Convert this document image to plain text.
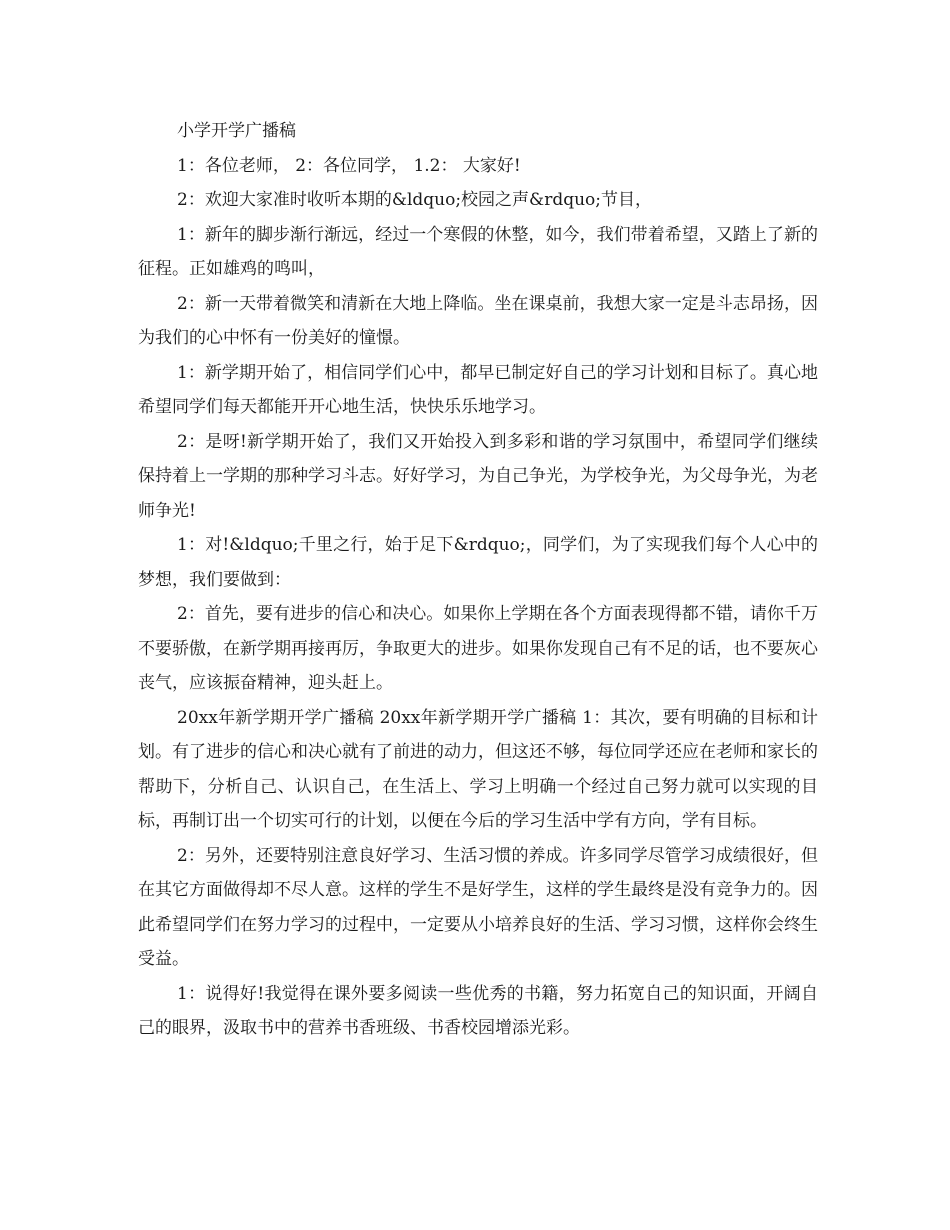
小学开学广播稿

1：各位老师， 2：各位同学， 1.2： 大家好!

2：欢迎大家准时收听本期的&ldquo;校园之声&rdquo;节目，

1：新年的脚步渐行渐远，经过一个寒假的休整，如今，我们带着希望，又踏上了新的征程。正如雄鸡的鸣叫，

2：新一天带着微笑和清新在大地上降临。坐在课桌前，我想大家一定是斗志昂扬，因为我们的心中怀有一份美好的憧憬。

1：新学期开始了，相信同学们心中，都早已制定好自己的学习计划和目标了。真心地希望同学们每天都能开开心地生活，快快乐乐地学习。

2：是呀!新学期开始了，我们又开始投入到多彩和谐的学习氛围中，希望同学们继续保持着上一学期的那种学习斗志。好好学习，为自己争光，为学校争光，为父母争光，为老师争光!

1：对!&ldquo;千里之行，始于足下&rdquo;，同学们，为了实现我们每个人心中的梦想，我们要做到：

2：首先，要有进步的信心和决心。如果你上学期在各个方面表现得都不错，请你千万不要骄傲，在新学期再接再厉，争取更大的进步。如果你发现自己有不足的话，也不要灰心丧气，应该振奋精神，迎头赶上。

20xx年新学期开学广播稿 20xx年新学期开学广播稿 1：其次，要有明确的目标和计划。有了进步的信心和决心就有了前进的动力，但这还不够，每位同学还应在老师和家长的帮助下，分析自己、认识自己，在生活上、学习上明确一个经过自己努力就可以实现的目标，再制订出一个切实可行的计划，以便在今后的学习生活中学有方向，学有目标。

2：另外，还要特别注意良好学习、生活习惯的养成。许多同学尽管学习成绩很好，但在其它方面做得却不尽人意。这样的学生不是好学生，这样的学生最终是没有竞争力的。因此希望同学们在努力学习的过程中，一定要从小培养良好的生活、学习习惯，这样你会终生受益。

1：说得好!我觉得在课外要多阅读一些优秀的书籍，努力拓宽自己的知识面，开阔自己的眼界，汲取书中的营养书香班级、书香校园增添光彩。
